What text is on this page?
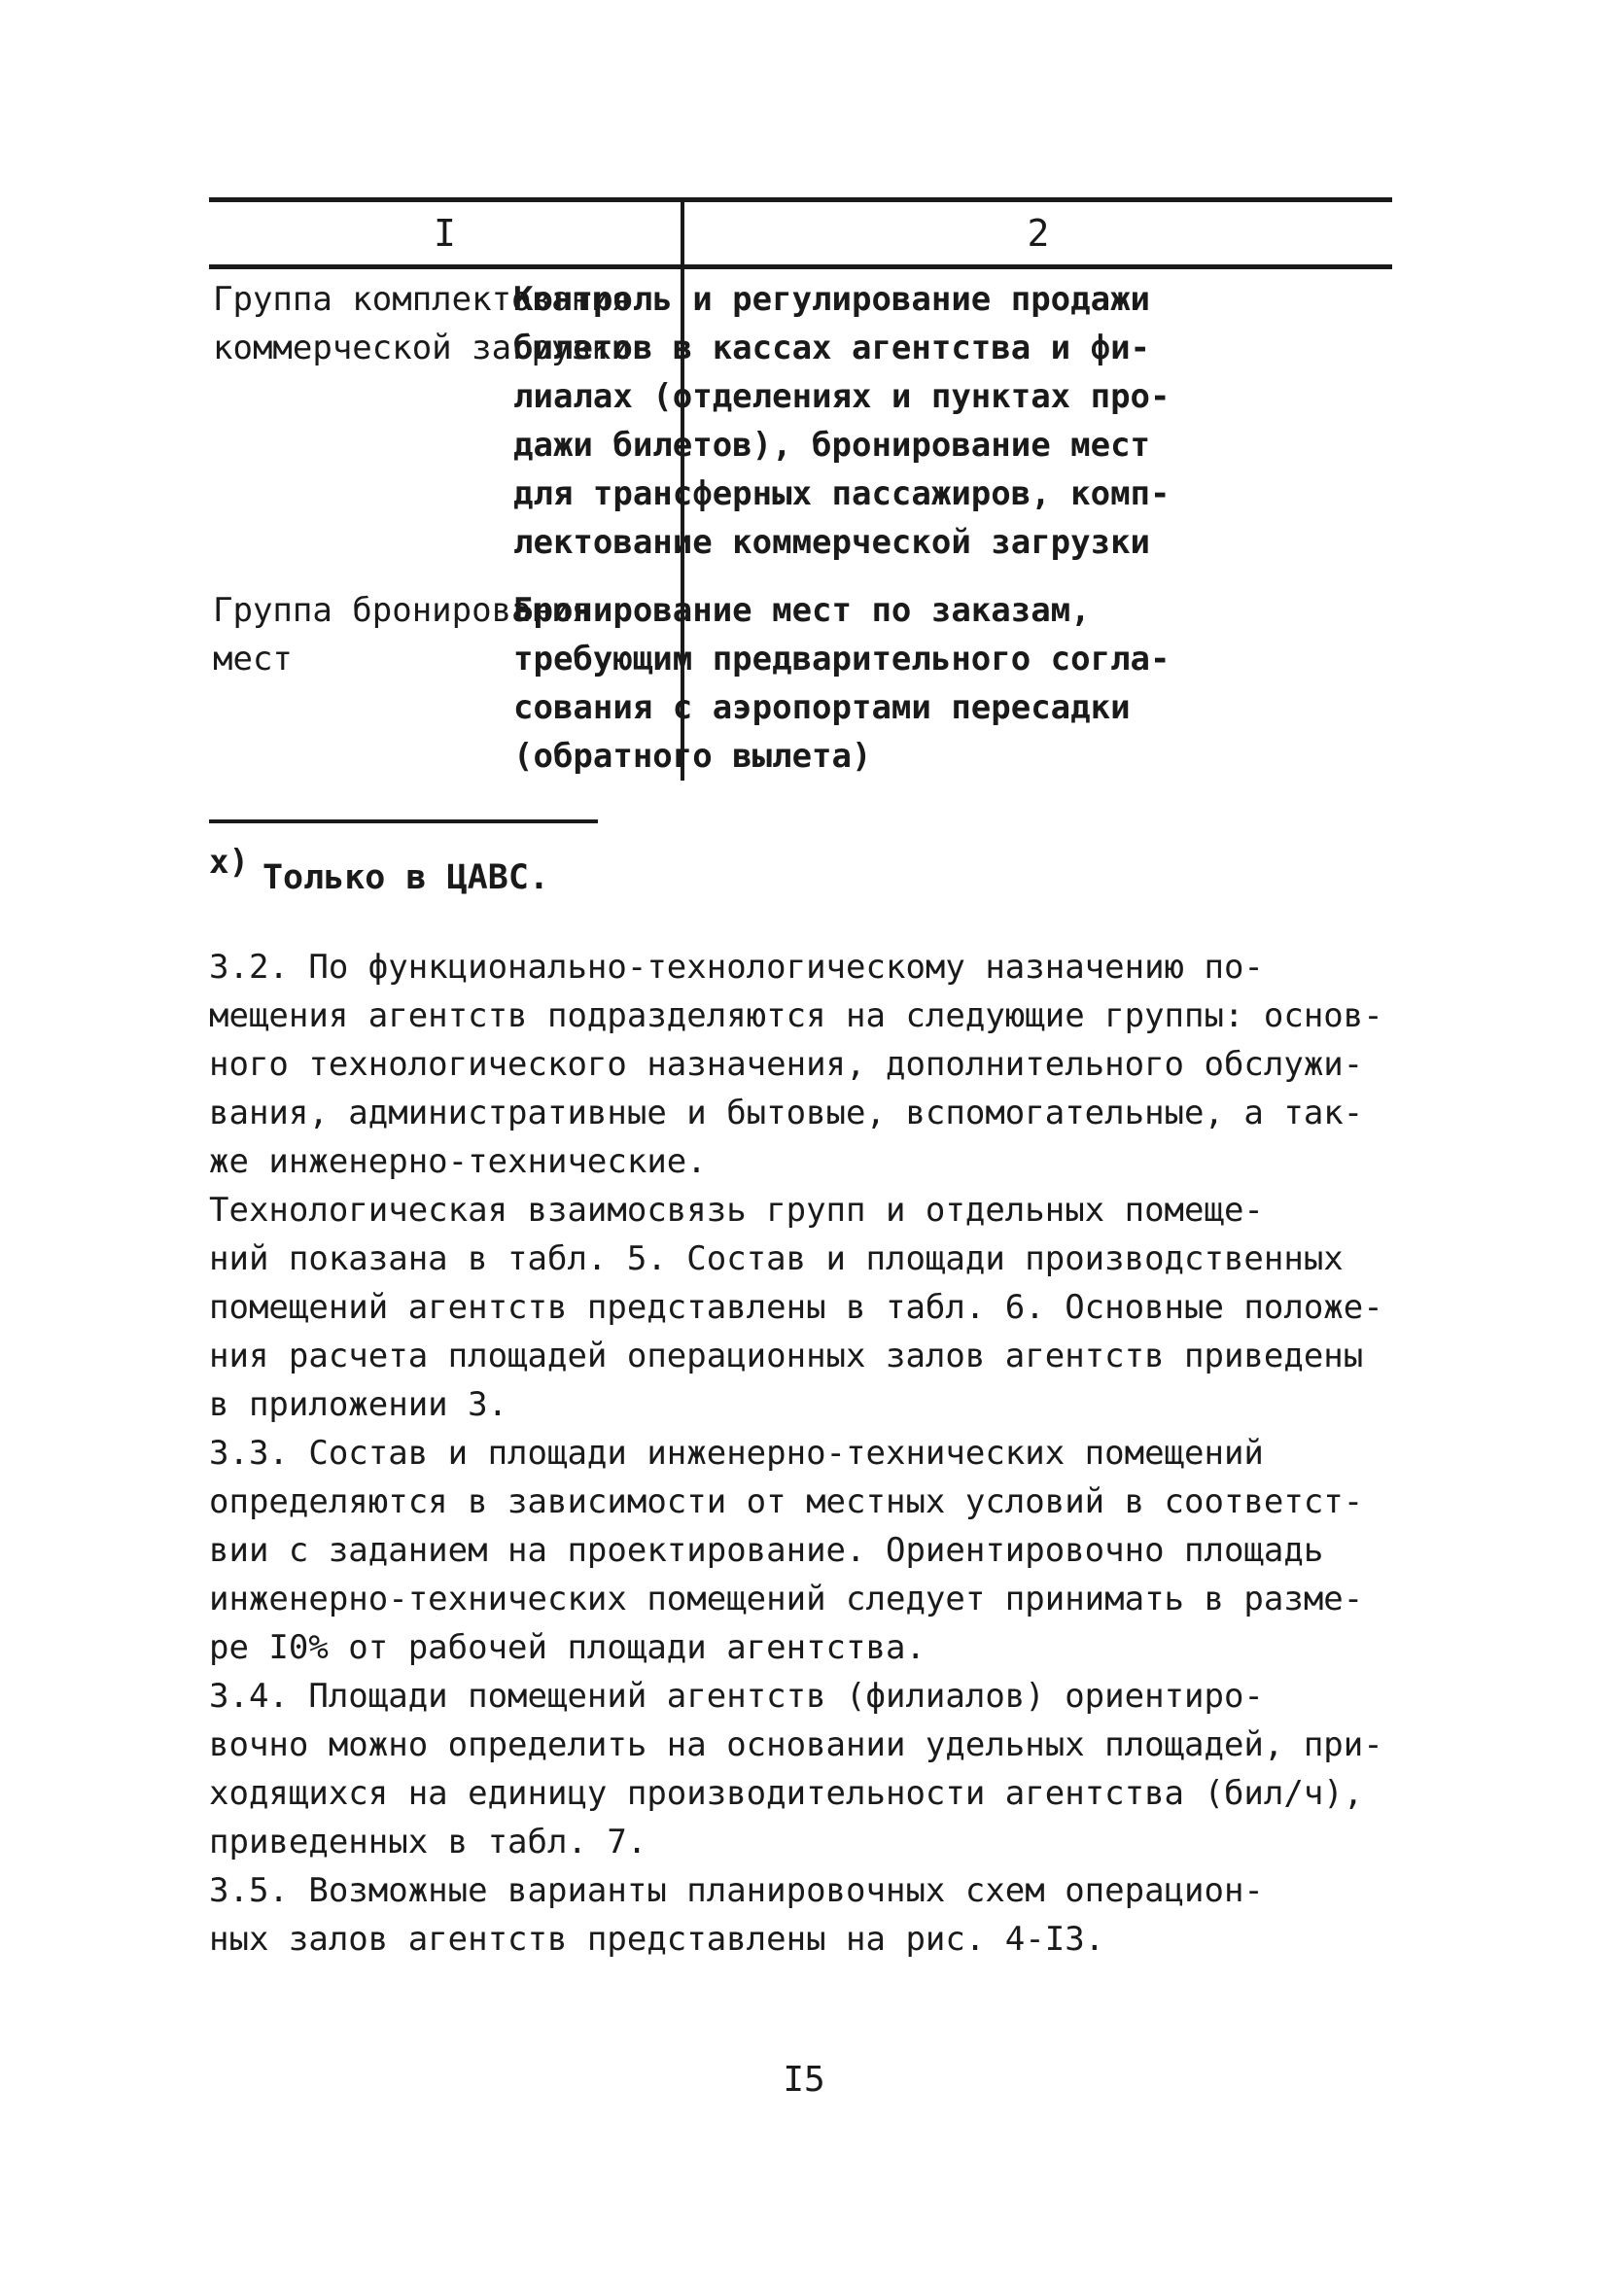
I	2
Группа комплектования
коммерческой загрузки
Контроль и регулирование продажи
билетов в кассах агентства и фи-
лиалах (отделениях и пунктах про-
дажи билетов), бронирование мест
для трансферных пассажиров, комп-
лектование коммерческой загрузки
Группа бронирования
мест
Бронирование мест по заказам,
требующим предварительного согла-
сования с аэропортами пересадки
(обратного вылета)
$^{x)}$ Только в ЦАВС.
3.2. По функционально-технологическому назначению по-
мещения агентств подразделяются на следующие группы: основ-
ного технологического назначения, дополнительного обслужи-
вания, административные и бытовые, вспомогательные, а так-
же инженерно-технические.
Технологическая взаимосвязь групп и отдельных помеще-
ний показана в табл. 5. Состав и площади производственных
помещений агентств представлены в табл. 6. Основные положе-
ния расчета площадей операционных залов агентств приведены
в приложении 3.
3.3. Состав и площади инженерно-технических помещений
определяются в зависимости от местных условий в соответст-
вии с заданием на проектирование. Ориентировочно площадь
инженерно-технических помещений следует принимать в разме-
ре I0% от рабочей площади агентства.
3.4. Площади помещений агентств (филиалов) ориентиро-
вочно можно определить на основании удельных площадей, при-
ходящихся на единицу производительности агентства (бил/ч),
приведенных в табл. 7.
3.5. Возможные варианты планировочных схем операцион-
ных залов агентств представлены на рис. 4-I3.
I5
